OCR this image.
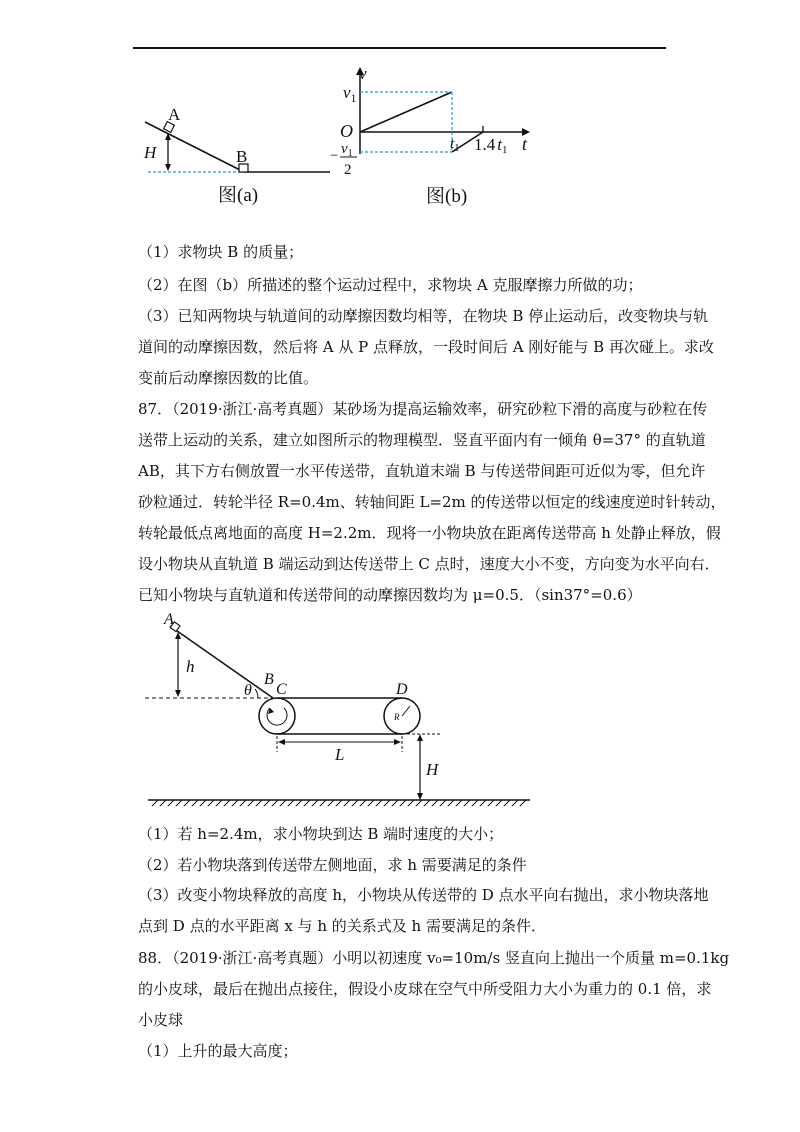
A
H	B
图(a)
v
$v_1$
O
$t_1$ 1.4 t1 t
− $v_1$
2
图(b)
（1）求物块 B 的质量；
（2）在图（b）所描述的整个运动过程中，求物块 A 克服摩擦力所做的功；
（3）已知两物块与轨道间的动摩擦因数均相等，在物块 B 停止运动后，改变物块与轨
道间的动摩擦因数，然后将 A 从 P 点释放，一段时间后 A 刚好能与 B 再次碰上。求改
变前后动摩擦因数的比值。
87．（2019·浙江·高考真题）某砂场为提高运输效率，研究砂粒下滑的高度与砂粒在传
送带上运动的关系，建立如图所示的物理模型．竖直平面内有一倾角 θ=37° 的直轨道
AB，其下方右侧放置一水平传送带，直轨道末端 B 与传送带间距可近似为零，但允许
砂粒通过．转轮半径 R=0.4m、转轴间距 L=2m 的传送带以恒定的线速度逆时针转动，
转轮最低点离地面的高度 H=2.2m．现将一小物块放在距离传送带高 h 处静止释放，假
设小物块从直轨道 B 端运动到达传送带上 C 点时，速度大小不变，方向变为水平向右．
已知小物块与直轨道和传送带间的动摩擦因数均为 μ=0.5．（sin37°=0.6）
A
h
B
θ C	D
R
L
H
（1）若 h=2.4m，求小物块到达 B 端时速度的大小；
（2）若小物块落到传送带左侧地面，求 h 需要满足的条件
（3）改变小物块释放的高度 h，小物块从传送带的 D 点水平向右抛出，求小物块落地
点到 D 点的水平距离 x 与 h 的关系式及 h 需要满足的条件．
88．（2019·浙江·高考真题）小明以初速度 v₀=10m/s 竖直向上抛出一个质量 m=0.1kg
的小皮球，最后在抛出点接住，假设小皮球在空气中所受阻力大小为重力的 0.1 倍，求
小皮球
（1）上升的最大高度；
